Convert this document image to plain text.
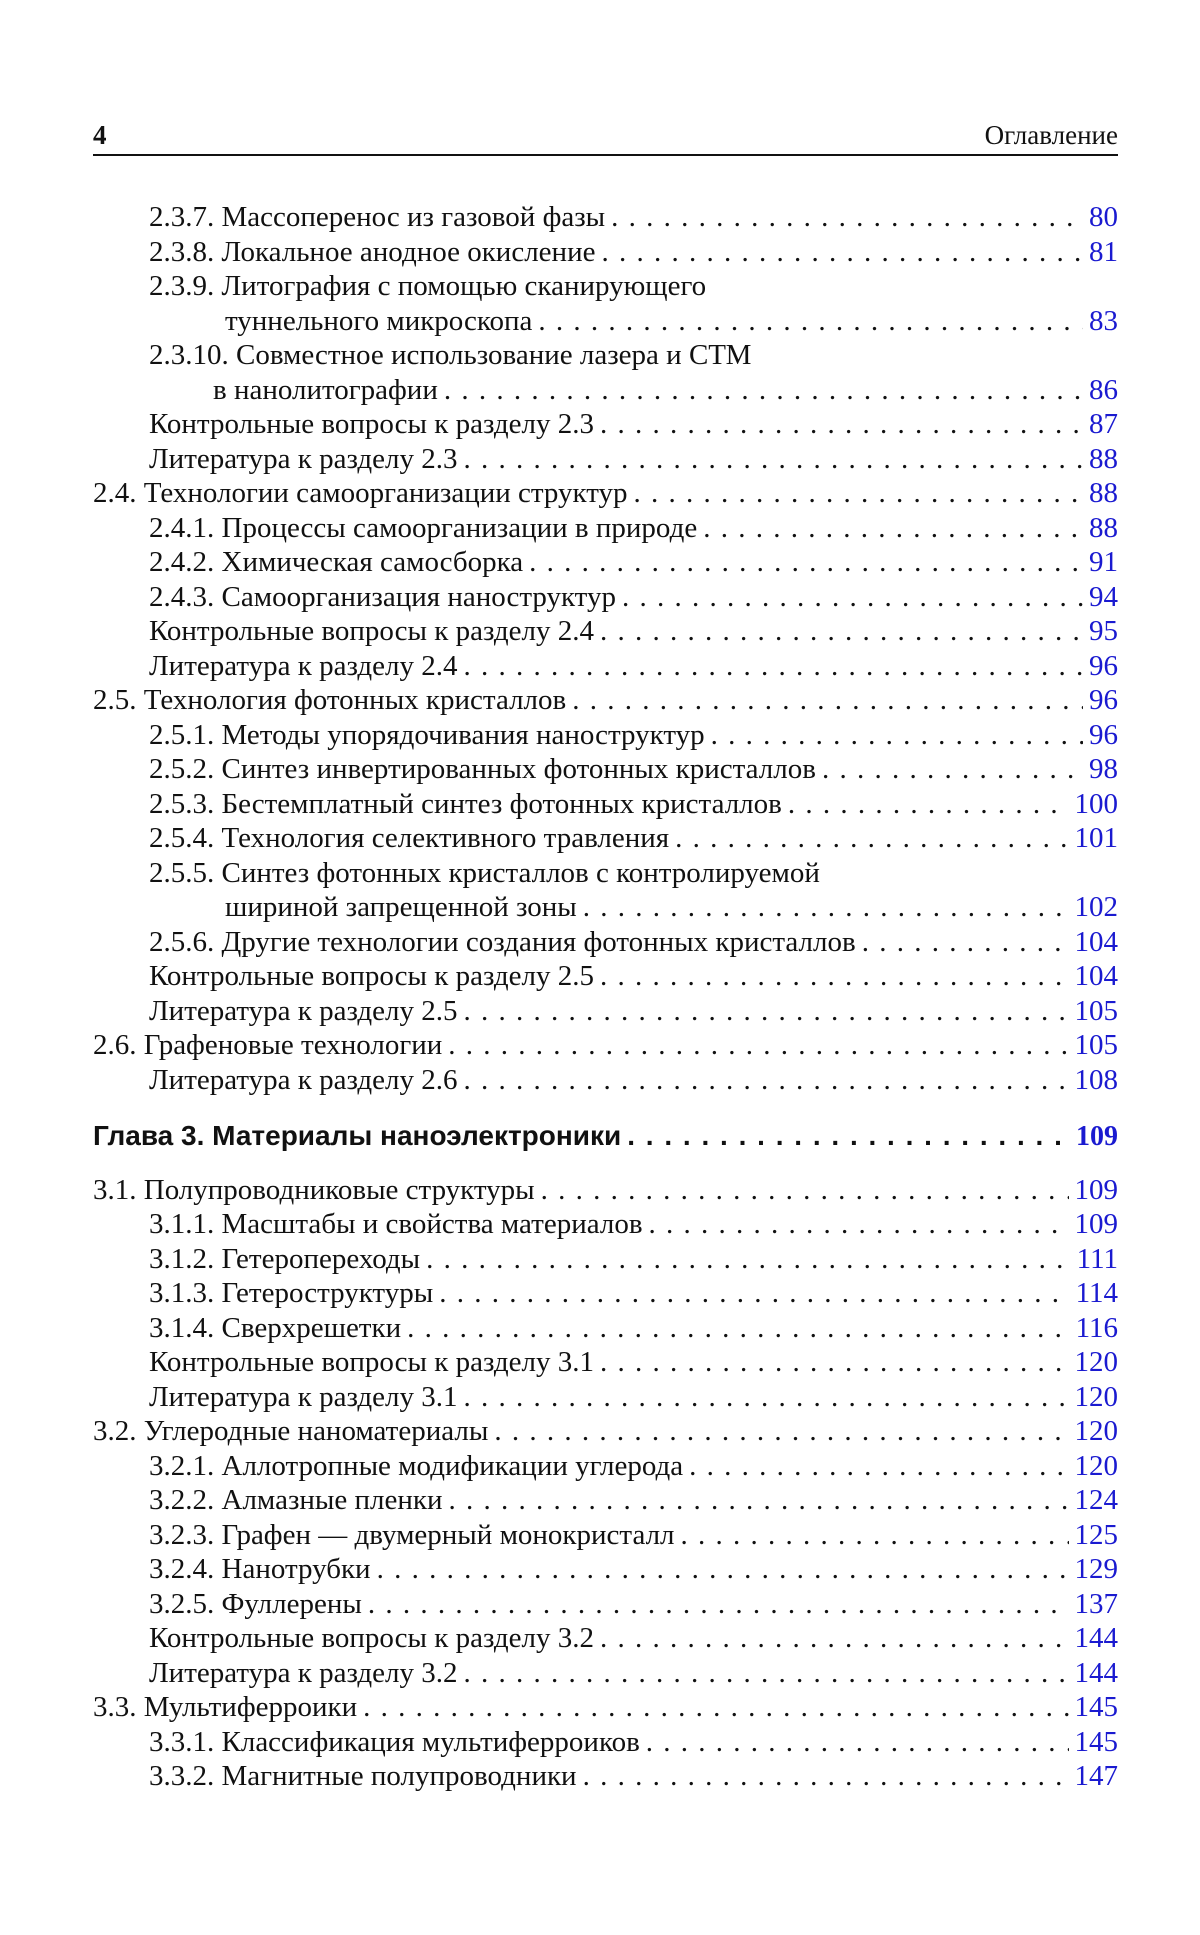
4	Оглавление
2.3.7. Массоперенос из газовой фазы . . .	80
2.3.8. Локальное анодное окисление . . .	81
2.3.9. Литография с помощью сканирующего
туннельного микроскопа . . .	83
2.3.10. Совместное использование лазера и СТМ
в нанолитографии . . .	86
Контрольные вопросы к разделу 2.3 . . .	87
Литература к разделу 2.3 . . .	88
2.4. Технологии самоорганизации структур . . .	88
2.4.1. Процессы самоорганизации в природе . . .	88
2.4.2. Химическая самосборка . . .	91
2.4.3. Самоорганизация наноструктур . . .	94
Контрольные вопросы к разделу 2.4 . . .	95
Литература к разделу 2.4 . . .	96
2.5. Технология фотонных кристаллов . . .	96
2.5.1. Методы упорядочивания наноструктур . . .	96
2.5.2. Синтез инвертированных фотонных кристаллов . . .	98
2.5.3. Бестемплатный синтез фотонных кристаллов . . .	100
2.5.4. Технология селективного травления . . .	101
2.5.5. Синтез фотонных кристаллов с контролируемой
шириной запрещенной зоны . . .	102
2.5.6. Другие технологии создания фотонных кристаллов . . .	104
Контрольные вопросы к разделу 2.5 . . .	104
Литература к разделу 2.5 . . .	105
2.6. Графеновые технологии . . .	105
Литература к разделу 2.6 . . .	108
Глава 3. Материалы наноэлектроники . . .	109
3.1. Полупроводниковые структуры . . .	109
3.1.1. Масштабы и свойства материалов . . .	109
3.1.2. Гетеропереходы . . .	111
3.1.3. Гетероструктуры . . .	114
3.1.4. Сверхрешетки . . .	116
Контрольные вопросы к разделу 3.1 . . .	120
Литература к разделу 3.1 . . .	120
3.2. Углеродные наноматериалы . . .	120
3.2.1. Аллотропные модификации углерода . . .	120
3.2.2. Алмазные пленки . . .	124
3.2.3. Графен — двумерный монокристалл . . .	125
3.2.4. Нанотрубки . . .	129
3.2.5. Фуллерены . . .	137
Контрольные вопросы к разделу 3.2 . . .	144
Литература к разделу 3.2 . . .	144
3.3. Мультиферроики . . .	145
3.3.1. Классификация мультиферроиков . . .	145
3.3.2. Магнитные полупроводники . . .	147
